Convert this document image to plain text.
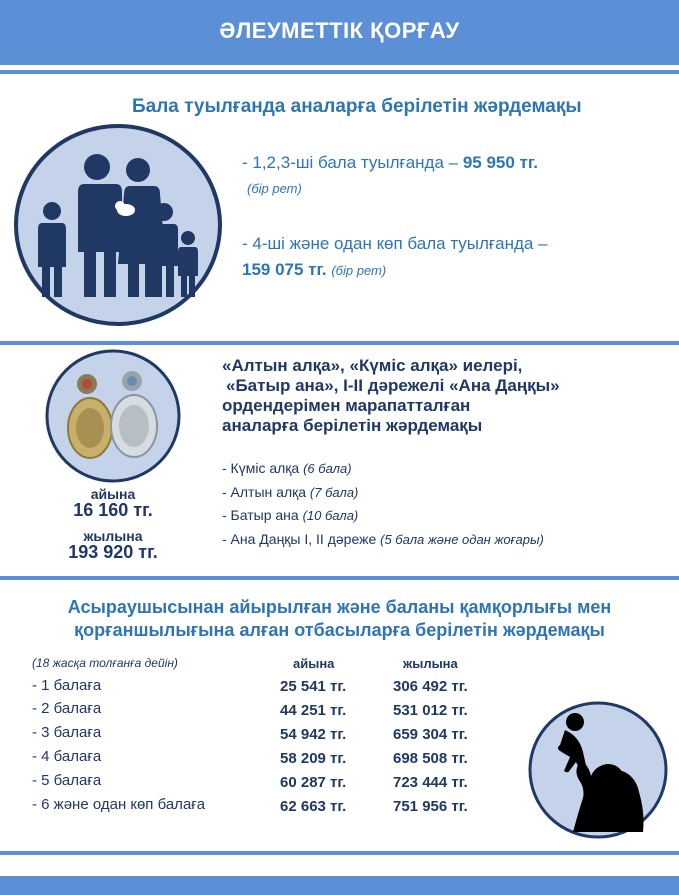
ӘЛЕУМЕТТІК ҚОРҒАУ
Бала туылғанда аналарға берілетін жәрдемақы
- 1,2,3-ші бала туылғанда – 95 950 тг.
(бір рет)
- 4-ші және одан көп бала туылғанда –
159 075 тг. (бір рет)
«Алтын алқа», «Күміс алқа» иелері,
«Батыр ана», І-ІІ дәрежелі «Ана Даңқы»
ордендерімен марапатталған
аналарға берілетін жәрдемақы
- Күміс алқа (6 бала)
- Алтын алқа (7 бала)
- Батыр ана (10 бала)
- Ана Даңқы І, ІІ дәреже (5 бала және одан жоғары)
айына
16 160 тг.
жылына
193 920 тг.
Асыраушысынан айырылған және баланы қамқорлығы мен
қорғаншылығына алған отбасыларға берілетін жәрдемақы
(18 жасқа толғанға дейін)	айына	жылына
- 1 балаға	25 541 тг.	306 492 тг.
- 2 балаға	44 251 тг.	531 012 тг.
- 3 балаға	54 942 тг.	659 304 тг.
- 4 балаға	58 209 тг.	698 508 тг.
- 5 балаға	60 287 тг.	723 444 тг.
- 6 және одан көп балаға	62 663 тг.	751 956 тг.
